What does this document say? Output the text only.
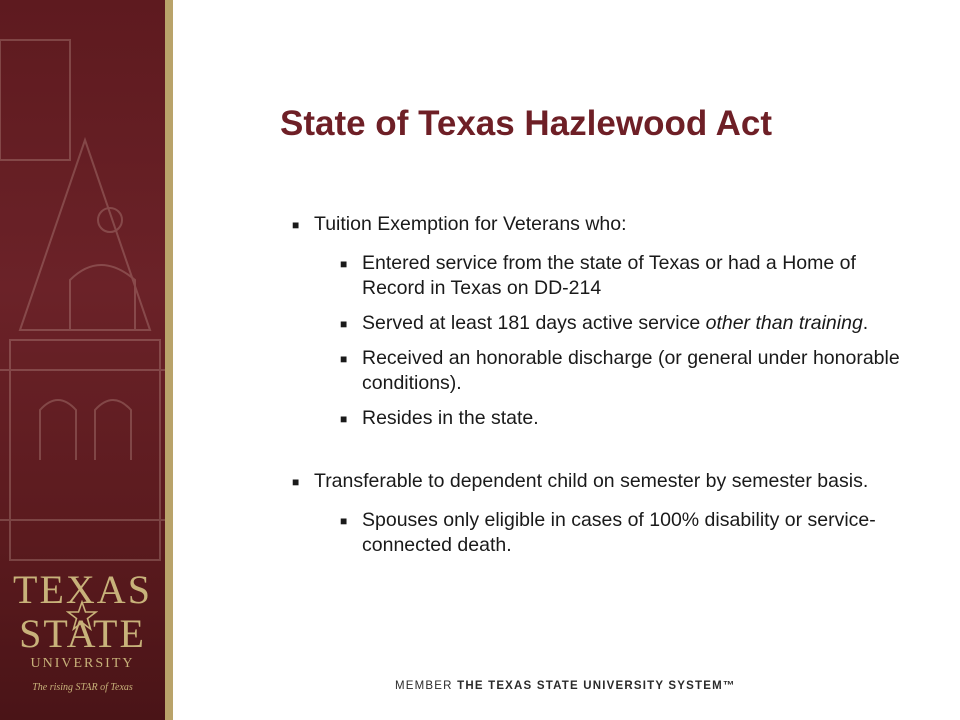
TEXAS
STATE
UNIVERSITY
The rising STAR of Texas
State of Texas Hazlewood Act
■ Tuition Exemption for Veterans who:
■ Entered service from the state of Texas or had a Home of Record in Texas on DD-214
■ Served at least 181 days active service other than training.
■ Received an honorable discharge (or general under honorable conditions).
■ Resides in the state.
■ Transferable to dependent child on semester by semester basis.
■ Spouses only eligible in cases of 100% disability or service-connected death.
MEMBER THE TEXAS STATE UNIVERSITY SYSTEM™
